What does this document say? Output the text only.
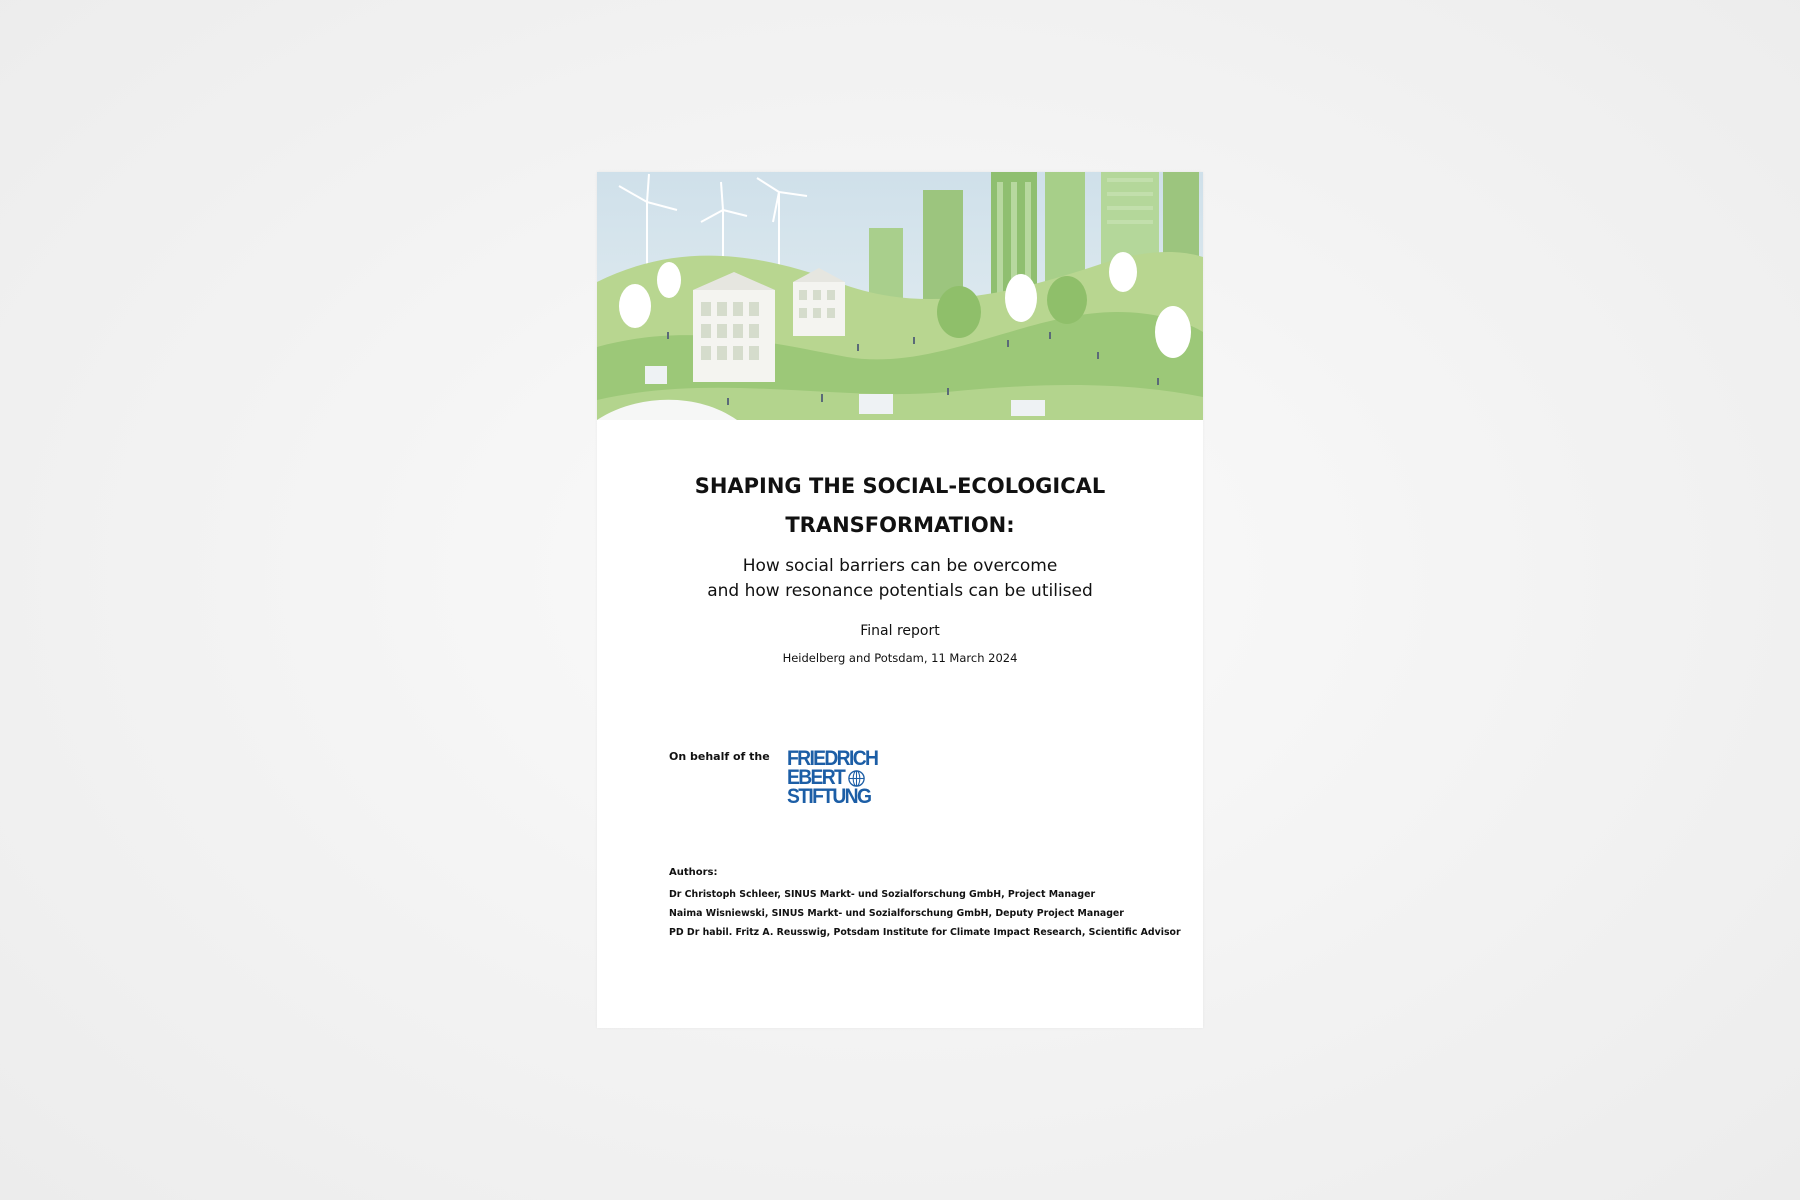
SHAPING THE SOCIAL-ECOLOGICAL
TRANSFORMATION:
How social barriers can be overcome
and how resonance potentials can be utilised
Final report
Heidelberg and Potsdam, 11 March 2024
On behalf of the FRIEDRICH
EBERT
STIFTUNG
Authors:
Dr Christoph Schleer, SINUS Markt- und Sozialforschung GmbH, Project Manager
Naima Wisniewski, SINUS Markt- und Sozialforschung GmbH, Deputy Project Manager
PD Dr habil. Fritz A. Reusswig, Potsdam Institute for Climate Impact Research, Scientific Advisor
